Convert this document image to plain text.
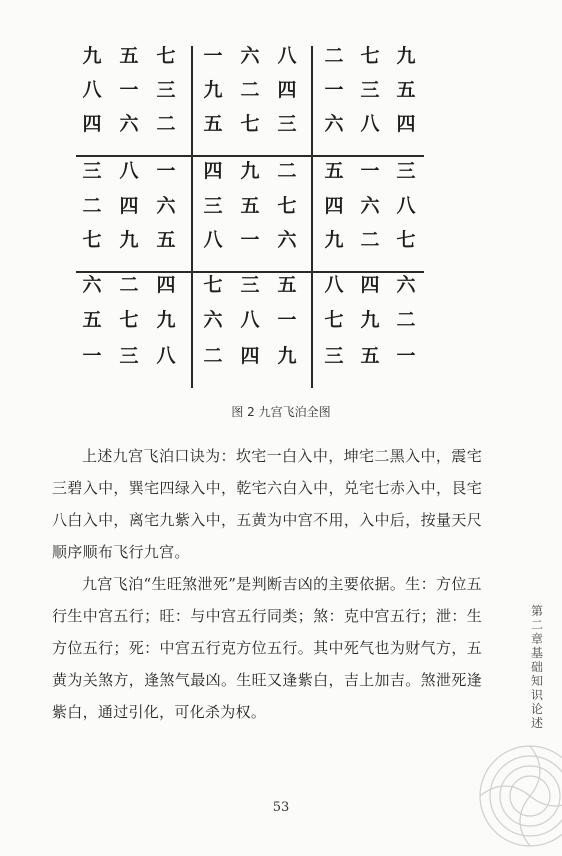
九 五 七
八 一 三
四 六 二
一 六 八
九 二 四
五 七 三
二 七 九
一 三 五
六 八 四
三 八 一
二 四 六
七 九 五
四 九 二
三 五 七
八 一 六
五 一 三
四 六 八
九 二 七
六 二 四
五 七 九
一 三 八
七 三 五
六 八 一
二 四 九
八 四 六
七 九 二
三 五 一
图 2 九宫飞泊全图

上述九宫飞泊口诀为：坎宅一白入中，坤宅二黑入中，震宅三碧入中，巽宅四绿入中，乾宅六白入中，兑宅七赤入中，艮宅八白入中，离宅九紫入中，五黄为中宫不用，入中后，按量天尺顺序顺布飞行九宫。

九宫飞泊“生旺煞泄死”是判断吉凶的主要依据。生：方位五行生中宫五行；旺：与中宫五行同类；煞：克中宫五行；泄：生方位五行；死：中宫五行克方位五行。其中死气也为财气方，五黄为关煞方，逢煞气最凶。生旺又逢紫白，吉上加吉。煞泄死逢紫白，通过引化，可化杀为权。

第二章 基础知识论述
53
